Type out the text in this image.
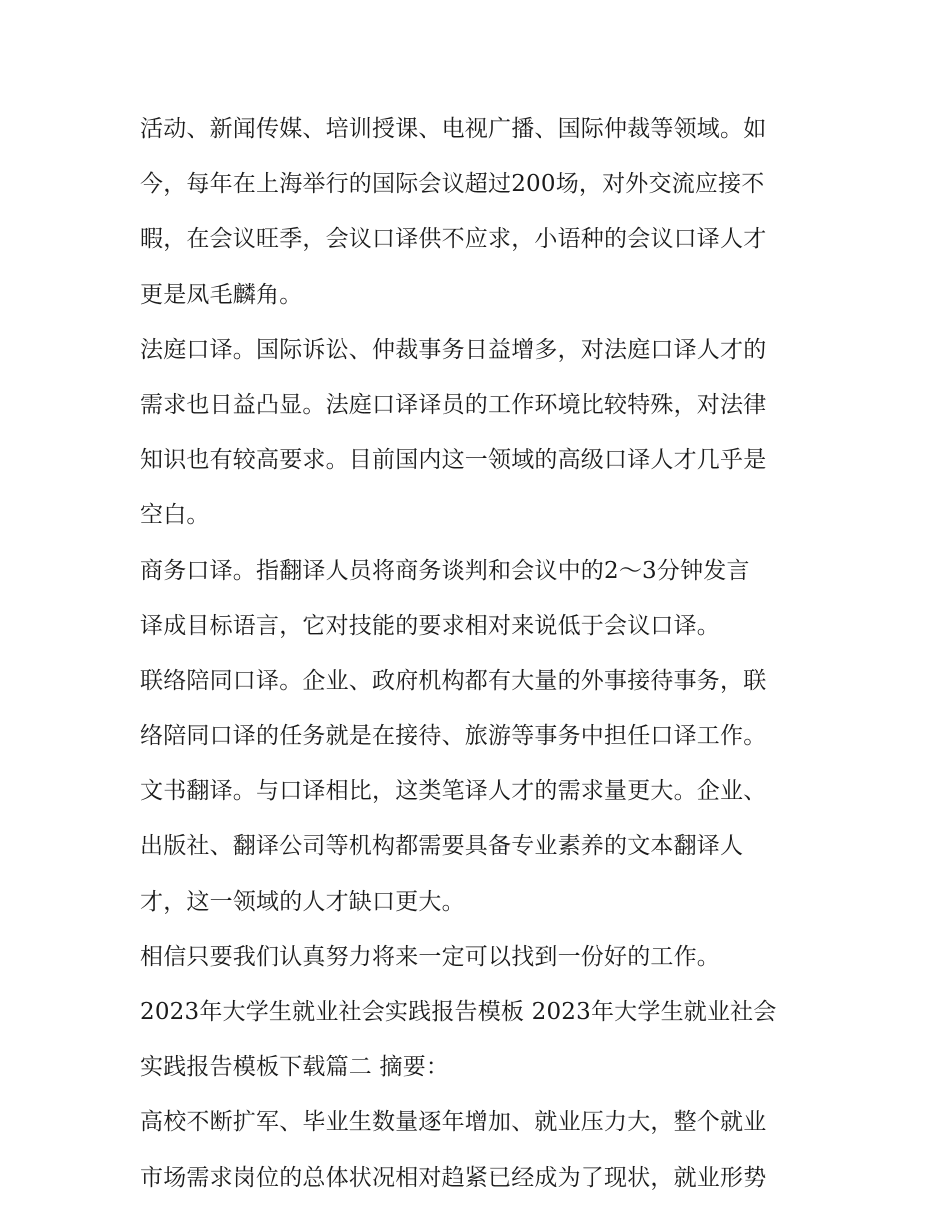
活动、新闻传媒、培训授课、电视广播、国际仲裁等领域。如
今，每年在上海举行的国际会议超过200场，对外交流应接不
暇，在会议旺季，会议口译供不应求，小语种的会议口译人才
更是凤毛麟角。
法庭口译。国际诉讼、仲裁事务日益增多，对法庭口译人才的
需求也日益凸显。法庭口译译员的工作环境比较特殊，对法律
知识也有较高要求。目前国内这一领域的高级口译人才几乎是
空白。
商务口译。指翻译人员将商务谈判和会议中的2～3分钟发言
译成目标语言，它对技能的要求相对来说低于会议口译。
联络陪同口译。企业、政府机构都有大量的外事接待事务，联
络陪同口译的任务就是在接待、旅游等事务中担任口译工作。
文书翻译。与口译相比，这类笔译人才的需求量更大。企业、
出版社、翻译公司等机构都需要具备专业素养的文本翻译人
才，这一领域的人才缺口更大。
相信只要我们认真努力将来一定可以找到一份好的工作。
2023年大学生就业社会实践报告模板 2023年大学生就业社会
实践报告模板下载篇二 摘要：
高校不断扩军、毕业生数量逐年增加、就业压力大，整个就业
市场需求岗位的总体状况相对趋紧已经成为了现状，就业形势
